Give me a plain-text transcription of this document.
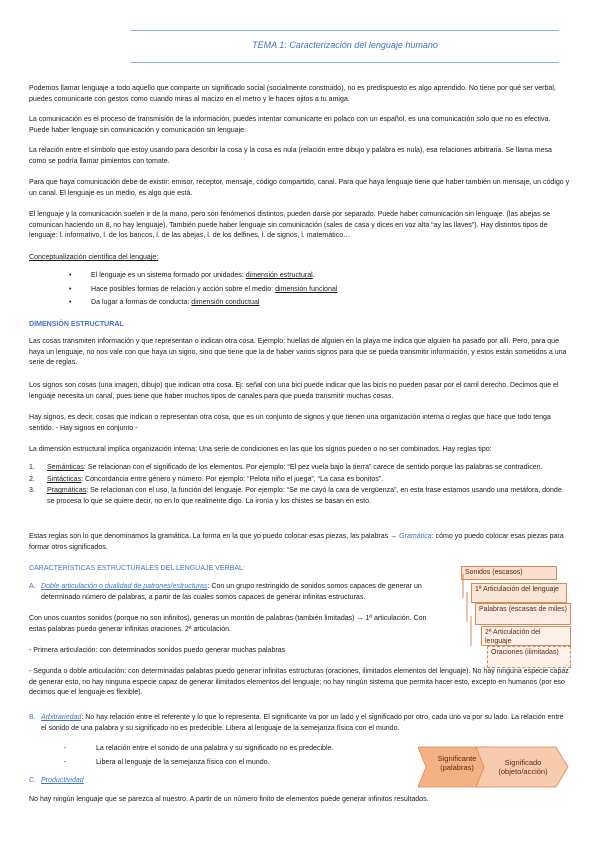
TEMA 1: Caracterización del lenguaje humano

Podemos llamar lenguaje a todo aquello que comparte un significado social (socialmente construido), no es predispuesto es algo aprendido. No tiene por qué ser verbal, puedes comunicarte con gestos como cuando miras al macizo en el metro y le haces ojitos a tu amiga.

La comunicación es el proceso de transmisión de la información, puedes intentar comunicarte en polaco con un español, es una comunicación solo que no es efectiva. Puede haber lenguaje sin comunicación y comunicación sin lenguaje.

La relación entre el símbolo que estoy usando para describir la cosa y la cosa es nula (relación entre dibujo y palabra es nula), esa relaciones arbitraria. Se llama mesa como se podría llamar pimientos con tomate.

Para que haya comunicación debe de existir: emisor, receptor, mensaje, código compartido, canal. Para que haya lenguaje tiene que haber también un mensaje, un código y un canal. El lenguaje es un medio, es algo que está.

El lenguaje y la comunicación suelen ir de la mano, pero son fenómenos distintos, pueden darse por separado. Puede haber comunicación sin lenguaje. (las abejas se comunican haciendo un 8, no hay lenguaje). También puede haber lenguaje sin comunicación (sales de casa y dices en voz alta “ay las llaves”). Hay distintos tipos de lenguaje: l. informativo, l. de los bancos, l. de las abejas, l. de los delfines, l. de signos, l. matemático…

Conceptualización científica del lenguaje:
•	El lenguaje es un sistema formado por unidades: dimensión estructural.
•	Hace posibles formas de relación y acción sobre el medio: dimensión funcional
•	Da lugar a formas de conducta: dimensión conductual
DIMENSIÓN ESTRUCTURAL

Las cosas transmiten información y que representan o indican otra cosa. Ejemplo: huellas de alguien en la playa me indica que alguien ha pasado por allí. Pero, para que haya un lenguaje, no nos vale con que haya un signo, sino que tiene que la de haber varios signos para que se pueda transmitir información, y estos están sometidos a una serie de reglas.

Los signos son cosas (una imagen, dibujo) que indican otra cosa. Ej: señal con una bici puede indicar que las bicis no pueden pasar por el carril derecho. Decimos que el lenguaje necesita un canal, pues tiene que haber muchos tipos de canales para que pueda transmitir muchas cosas.

Hay signos, es decir, cosas que indican o representan otra cosa, que es un conjunto de signos y que tienen una organización interna o reglas que hace que todo tenga sentido. - Hay signos en conjunto -

La dimensión estructural implica organización interna: Una serie de condiciones en las que los signos pueden o no ser combinados. Hay reglas tipo:

1. Semánticas: Se relacionan con el significado de los elementos. Por ejemplo: “El pez vuela bajo la tierra” carece de sentido porque las palabras se contradicen.
2. Sintácticas: Concordancia entre género y número. Por ejemplo: “Pelota niño el juega”, “La casa es bonitos”.
3. Pragmáticas: Se relacionan con el uso, la función del lenguaje. Por ejemplo: “Se me cayó la cara de vergüenza”, en esta frase estamos usando una metáfora, donde se procesa lo que se quiere decir, no en lo que realmente digo. La ironía y los chistes se basan en esto.

Estas reglas son lo que denominamos la gramática. La forma en la que yo puedo colocar esas piezas, las palabras → Gramática: cómo yo puedo colocar esas piezas para formar otros significados.

CARACTERÍSTICAS ESTRUCTURALES DEL LENGUAJE VERBAL:
A. Doble articulación o dualidad de patrones/estructuras: Con un grupo restringido de sonidos somos capaces de generar un determinado número de palabras, a partir de las cuales somos capaces de generar infinitas estructuras.

Con unos cuantos sonidos (porque no son infinitos), generas un montón de palabras (también limitadas) → 1ª articulación. Con estas palabras puedo generar infinitas oraciones. 2ª articulación.

- Primera articulación: con determinados sonidos puedo generar muchas palabras

- Segunda o doble articulación: con determinadas palabras puedo generar infinitas estructuras (oraciones, ilimitados elementos del lenguaje). No hay ninguna especie capaz de generar esto, no hay ninguna especie capaz de generar ilimitados elementos del lenguaje; no hay ningún sistema que permita hacer esto, excepto en humanos (por eso decimos que el lenguaje es flexible).

B. Arbitrariedad: No hay relación entre el referente y lo que lo representa. El significante va por un lado y el significado por otro, cada uno va por su lado. La relación entre el sonido de una palabra y su significado no es predecible. Libera al lenguaje de la semejanza física con el mundo.
-	La relación entre el sonido de una palabra y su significado no es predecible.
-	Libera al lenguaje de la semejanza física con el mundo.
C. Productividad

No hay ningún lenguaje que se parezca al nuestro. A partir de un número finito de elementos puede generar infinitos resultados.

Sonidos (escasos)
1ª Articulación del lenguaje
Palabras (escasas de miles)
2ª Articulación del lenguaje
Oraciones (ilimitadas)
Significante (palabras)
Significado (objeto/acción)
